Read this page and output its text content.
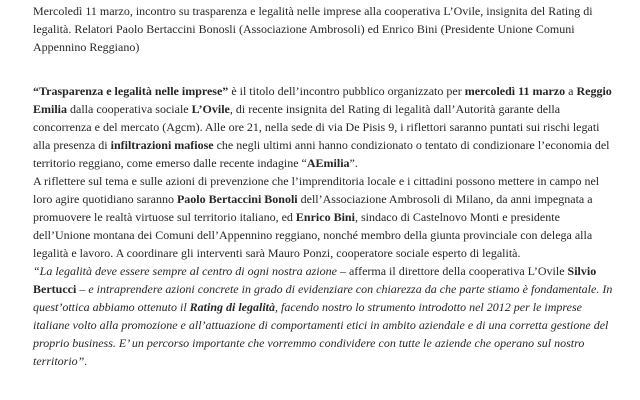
Mercoledì 11 marzo, incontro su trasparenza e legalità nelle imprese alla cooperativa L’Ovile, insignita del Rating di legalità. Relatori Paolo Bertaccini Bonosli (Associazione Ambrosoli) ed Enrico Bini (Presidente Unione Comuni Appennino Reggiano)

“Trasparenza e legalità nelle imprese” è il titolo dell’incontro pubblico organizzato per mercoledì 11 marzo a Reggio Emilia dalla cooperativa sociale L’Ovile, di recente insignita del Rating di legalità dall’Autorità garante della concorrenza e del mercato (Agcm). Alle ore 21, nella sede di via De Pisis 9, i riflettori saranno puntati sui rischi legati alla presenza di infiltrazioni mafiose che negli ultimi anni hanno condizionato o tentato di condizionare l’economia del territorio reggiano, come emerso dalle recente indagine “AEmilia”.

A riflettere sul tema e sulle azioni di prevenzione che l’imprenditoria locale e i cittadini possono mettere in campo nel loro agire quotidiano saranno Paolo Bertaccini Bonoli dell’Associazione Ambrosoli di Milano, da anni impegnata a promuovere le realtà virtuose sul territorio italiano, ed Enrico Bini, sindaco di Castelnovo Monti e presidente dell’Unione montana dei Comuni dell’Appennino reggiano, nonché membro della giunta provinciale con delega alla legalità e lavoro. A coordinare gli interventi sarà Mauro Ponzi, cooperatore sociale esperto di legalità.

“La legalità deve essere sempre al centro di ogni nostra azione – afferma il direttore della cooperativa L’Ovile Silvio Bertucci – e intraprendere azioni concrete in grado di evidenziare con chiarezza da che parte stiamo è fondamentale. In quest’ottica abbiamo ottenuto il Rating di legalità, facendo nostro lo strumento introdotto nel 2012 per le imprese italiane volto alla promozione e all’attuazione di comportamenti etici in ambito aziendale e di una corretta gestione del proprio business. E’ un percorso importante che vorremmo condividere con tutte le aziende che operano sul nostro territorio”.
